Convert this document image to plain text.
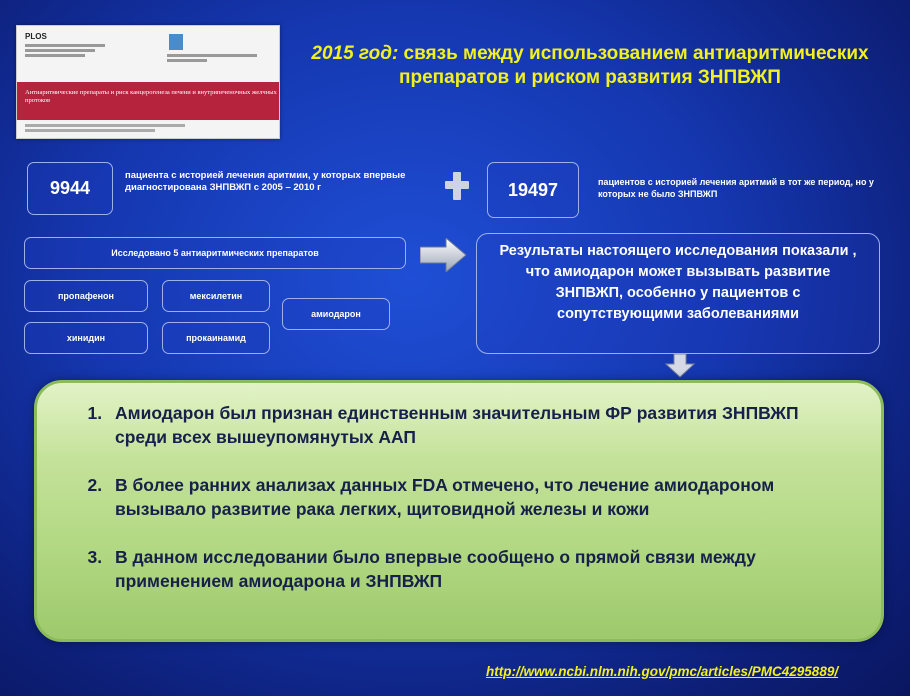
PLOS
Антиаритмические препараты и риск канцерогенеза печени и внутрипеченочных желчных протоков
2015 год: связь между использованием антиаритмических препаратов и риском развития ЗНПВЖП
9944
пациента с историей лечения аритмии, у которых впервые диагностирована ЗНПВЖП с 2005 – 2010 г	19497	пациентов с историей лечения аритмий в тот же период, но у которых не было ЗНПВЖП
Исследовано 5 антиаритмических препаратов
пропафенон	мексилетин
амиодарон
хинидин	прокаинамид
Результаты настоящего исследования показали , что амиодарон может вызывать развитие ЗНПВЖП, особенно у пациентов с сопутствующими заболеваниями
1. Амиодарон был признан единственным значительным ФР развития ЗНПВЖП среди всех вышеупомянутых ААП
2. В более ранних анализах данных FDA отмечено, что лечение амиодароном вызывало развитие рака легких, щитовидной железы и кожи
3. В данном исследовании было впервые сообщено о прямой связи между применением амиодарона и ЗНПВЖП
http://www.ncbi.nlm.nih.gov/pmc/articles/PMC4295889/
